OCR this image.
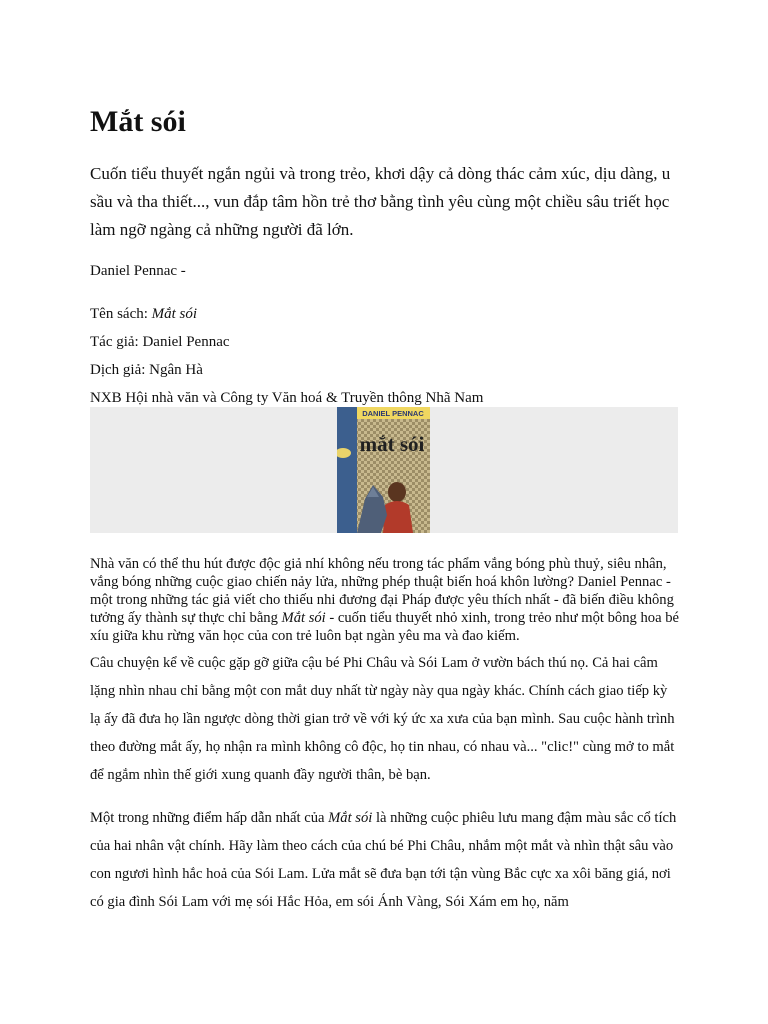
Mắt sói

Cuốn tiểu thuyết ngắn ngủi và trong trẻo, khơi dậy cả dòng thác cảm xúc, dịu dàng, u sầu và tha thiết..., vun đắp tâm hồn trẻ thơ bằng tình yêu cùng một chiều sâu triết học làm ngỡ ngàng cả những người đã lớn.

Daniel Pennac -

Tên sách: Mắt sói

Tác giả: Daniel Pennac

Dịch giả: Ngân Hà

NXB Hội nhà văn và Công ty Văn hoá & Truyền thông Nhã Nam

DANIEL PENNAC
mắt sói

Nhà văn có thể thu hút được độc giả nhí không nếu trong tác phẩm vắng bóng phù thuỷ, siêu nhân, vắng bóng những cuộc giao chiến nảy lửa, những phép thuật biến hoá khôn lường? Daniel Pennac - một trong những tác giả viết cho thiếu nhi đương đại Pháp được yêu thích nhất - đã biến điều không tưởng ấy thành sự thực chỉ bằng Mắt sói - cuốn tiểu thuyết nhỏ xinh, trong trẻo như một bông hoa bé xíu giữa khu rừng văn học của con trẻ luôn bạt ngàn yêu ma và đao kiếm.

Câu chuyện kể về cuộc gặp gỡ giữa cậu bé Phi Châu và Sói Lam ở vườn bách thú nọ. Cả hai câm lặng nhìn nhau chỉ bằng một con mắt duy nhất từ ngày này qua ngày khác. Chính cách giao tiếp kỳ lạ ấy đã đưa họ lần ngược dòng thời gian trở về với ký ức xa xưa của bạn mình. Sau cuộc hành trình theo đường mắt ấy, họ nhận ra mình không cô độc, họ tin nhau, có nhau và... "clic!" cùng mở to mắt để ngắm nhìn thế giới xung quanh đầy người thân, bè bạn.

Một trong những điểm hấp dẫn nhất của Mắt sói là những cuộc phiêu lưu mang đậm màu sắc cổ tích của hai nhân vật chính. Hãy làm theo cách của chú bé Phi Châu, nhắm một mắt và nhìn thật sâu vào con ngươi hình hắc hoả của Sói Lam. Lửa mắt sẽ đưa bạn tới tận vùng Bắc cực xa xôi băng giá, nơi có gia đình Sói Lam với mẹ sói Hắc Hỏa, em sói Ánh Vàng, Sói Xám em họ, năm
